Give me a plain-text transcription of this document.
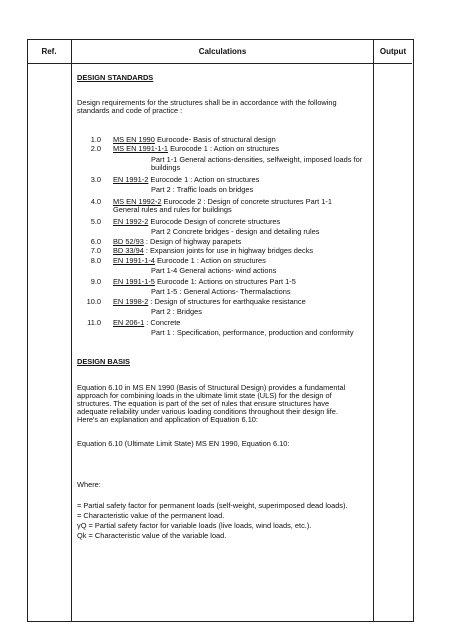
Ref.	Calculations	Output
DESIGN STANDARDS
Design requirements for the structures shall be in accordance with the following
standards and code of practice :
1.0 MS EN 1990 Eurocode- Basis of structural design
2.0 MS EN 1991-1-1 Eurocode 1 : Action on structures
Part 1-1 General actions-densities, selfweight, imposed loads for
buildings
3.0 EN 1991-2 Eurocode 1 : Action on structures
Part 2 : Traffic loads on bridges
4.0 MS EN 1992-2 Eurocode 2 : Design of concrete structures Part 1-1
General rules and rules for buildings
5.0 EN 1992-2 Eurocode Design of concrete structures
Part 2 Concrete bridges - design and detailing rules
6.0 BD 52/93 : Design of highway parapets
7.0 BD 33/94 : Expansion joints for use in highway bridges decks
8.0 EN 1991-1-4 Eurocode 1 : Action on structures
Part 1-4 General actions- wind actions
9.0 EN 1991-1-5 Eurocode 1: Actions on structures Part 1-5
Part 1-5 : General Actions- Thermalactions
10.0 EN 1998-2 : Design of structures for earthquake resistance
Part 2 : Bridges
11.0 EN 206-1 : Concrete
Part 1 : Specification, performance, production and conformity
DESIGN BASIS
Equation 6.10 in MS EN 1990 (Basis of Structural Design) provides a fundamental
approach for combining loads in the ultimate limit state (ULS) for the design of
structures. The equation is part of the set of rules that ensure structures have
adequate reliability under various loading conditions throughout their design life.
Here's an explanation and application of Equation 6.10:
Equation 6.10 (Ultimate Limit State) MS EN 1990, Equation 6.10:
Where:
= Partial safety factor for permanent loads (self-weight, superimposed dead loads).
= Characteristic value of the permanent load.
γQ = Partial safety factor for variable loads (live loads, wind loads, etc.).
Qk = Characteristic value of the variable load.
